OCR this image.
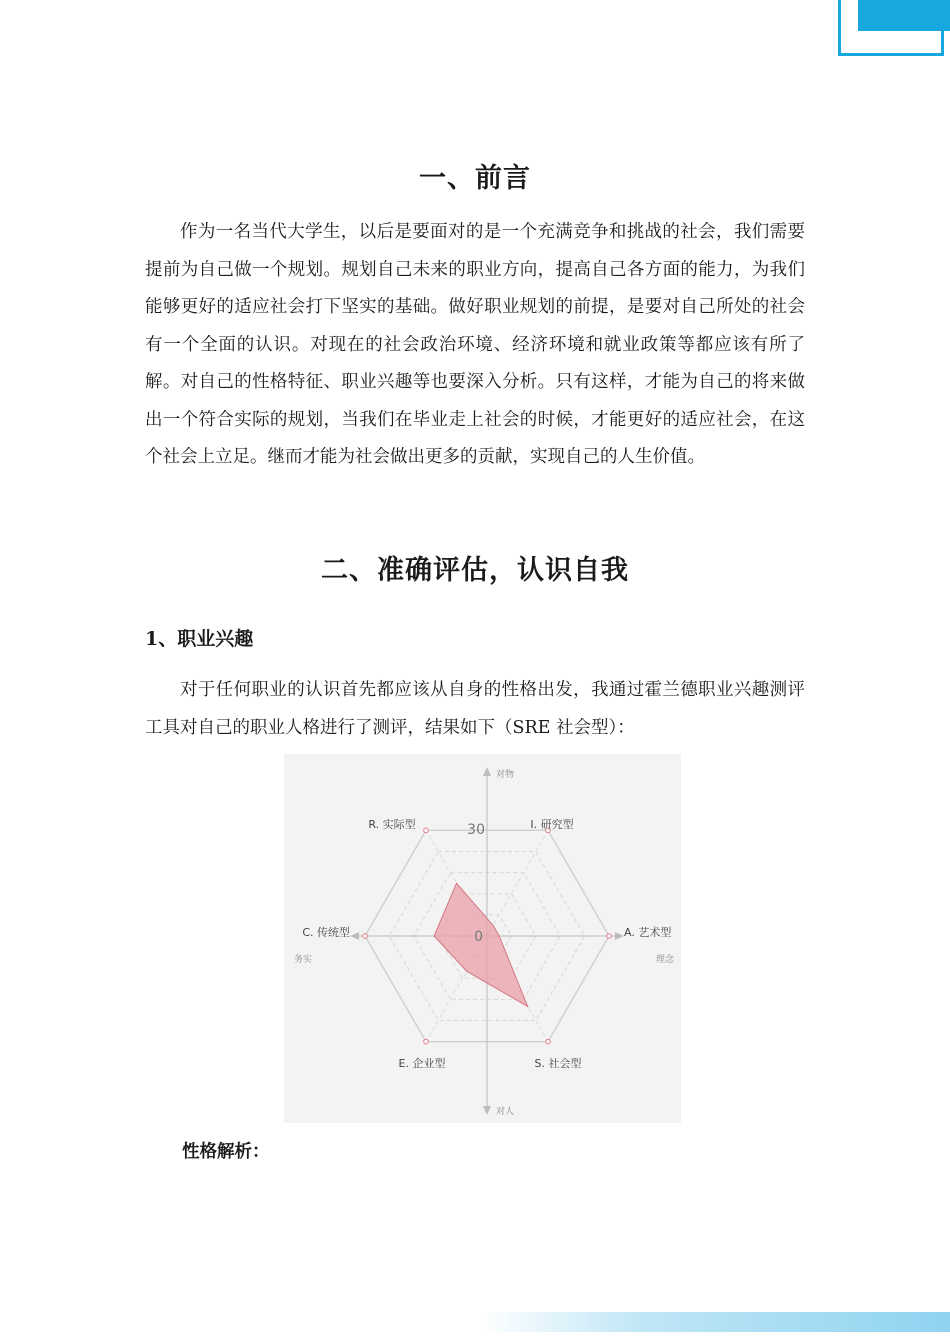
一、前言

作为一名当代大学生，以后是要面对的是一个充满竞争和挑战的社会，我们需要提前为自己做一个规划。规划自己未来的职业方向，提高自己各方面的能力，为我们能够更好的适应社会打下坚实的基础。做好职业规划的前提，是要对自己所处的社会有一个全面的认识。对现在的社会政治环境、经济环境和就业政策等都应该有所了解。对自己的性格特征、职业兴趣等也要深入分析。只有这样，才能为自己的将来做出一个符合实际的规划，当我们在毕业走上社会的时候，才能更好的适应社会，在这个社会上立足。继而才能为社会做出更多的贡献，实现自己的人生价值。

二、准确评估，认识自我
1、职业兴趣

对于任何职业的认识首先都应该从自身的性格出发，我通过霍兰德职业兴趣测评工具对自己的职业人格进行了测评，结果如下（SRE 社会型）：

R. 实际型	I. 研究型
A. 艺术型
S. 社会型
E. 企业型
C. 传统型
对物
对人
务实	理念
0
30
性格解析：
